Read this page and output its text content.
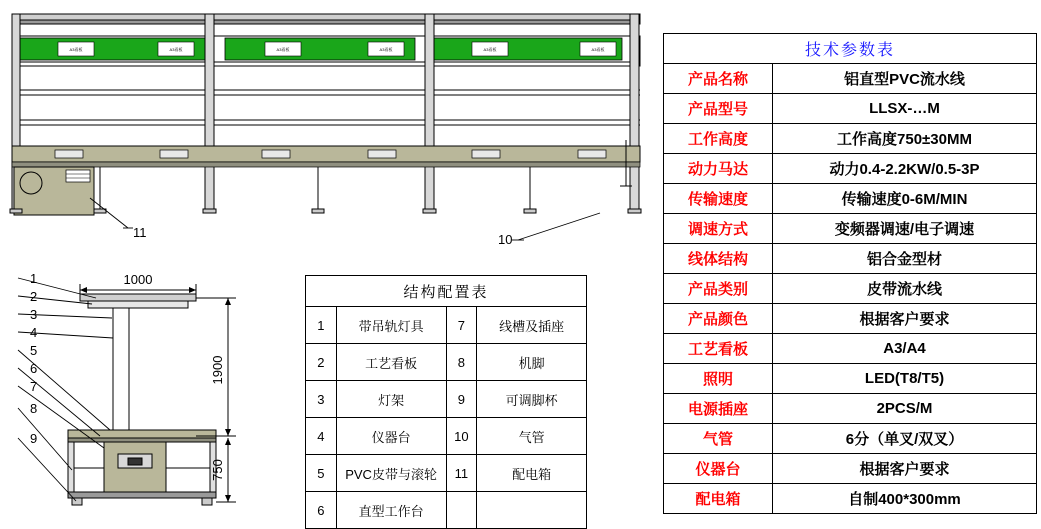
A3看板	A3看板	A3看板	A3看板	A3看板	A3看板
11	10
1000
1900
750
1
2
3
4
5
6
7
8
9
结构配置表			
1	带吊轨灯具	7	线槽及插座
2	工艺看板	8	机脚
3	灯架	9	可调脚杯
4	仪器台	10	气管
5	PVC皮带与滚轮	11	配电箱
6	直型工作台		
技术参数表	
产品名称	铝直型PVC流水线
产品型号	LLSX-…M
工作高度	工作高度750±30MM
动力马达	动力0.4-2.2KW/0.5-3P
传输速度	传输速度0-6M/MIN
调速方式	变频器调速/电子调速
线体结构	铝合金型材
产品类别	皮带流水线
产品颜色	根据客户要求
工艺看板	A3/A4
照明	LED(T8/T5)
电源插座	2PCS/M
气管	6分（单叉/双叉）
仪器台	根据客户要求
配电箱	自制400*300mm
